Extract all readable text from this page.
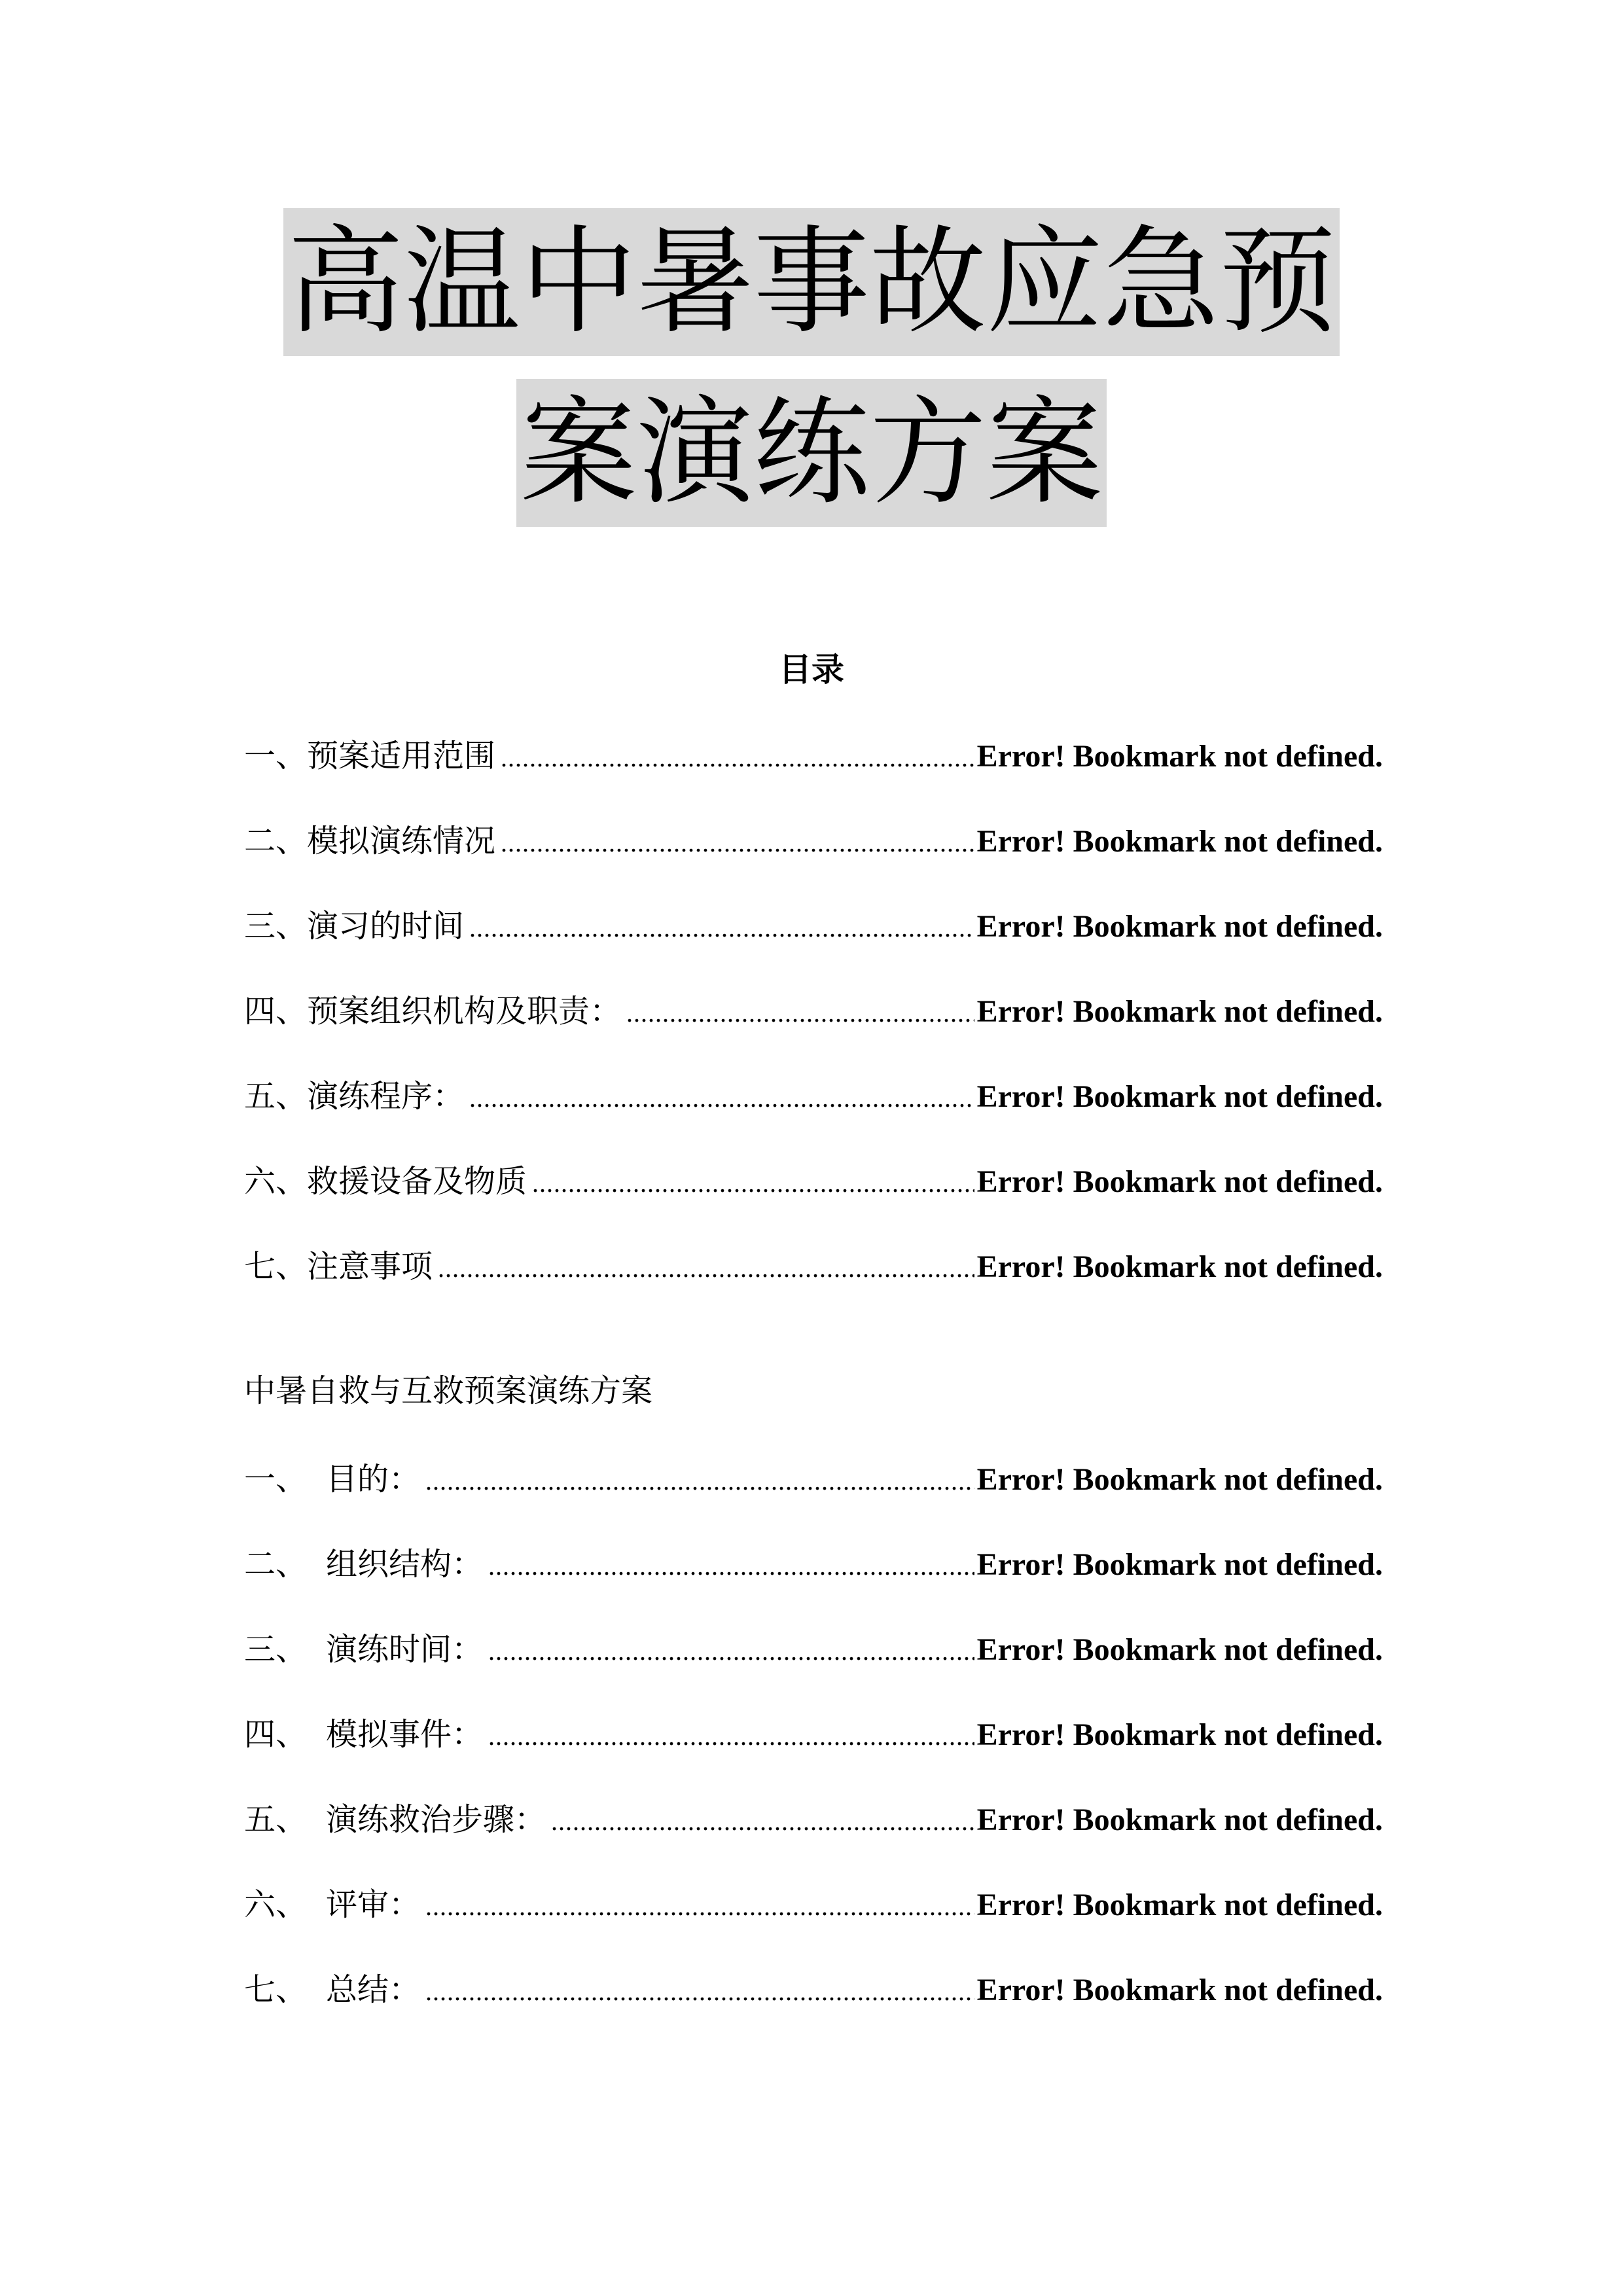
高温中暑事故应急预
案演练方案
目录
一、预案适用范围 .....	Error! Bookmark not defined.
二、模拟演练情况 .....	Error! Bookmark not defined.
三、演习的时间 .....	Error! Bookmark not defined.
四、预案组织机构及职责： .....	Error! Bookmark not defined.
五、演练程序： .....	Error! Bookmark not defined.
六、救援设备及物质 .....	Error! Bookmark not defined.
七、注意事项 .....	Error! Bookmark not defined.
中暑自救与互救预案演练方案
一、 目的： .....	Error! Bookmark not defined.
二、 组织结构： .....	Error! Bookmark not defined.
三、 演练时间： .....	Error! Bookmark not defined.
四、 模拟事件： .....	Error! Bookmark not defined.
五、 演练救治步骤： .....	Error! Bookmark not defined.
六、 评审： .....	Error! Bookmark not defined.
七、 总结： .....	Error! Bookmark not defined.
